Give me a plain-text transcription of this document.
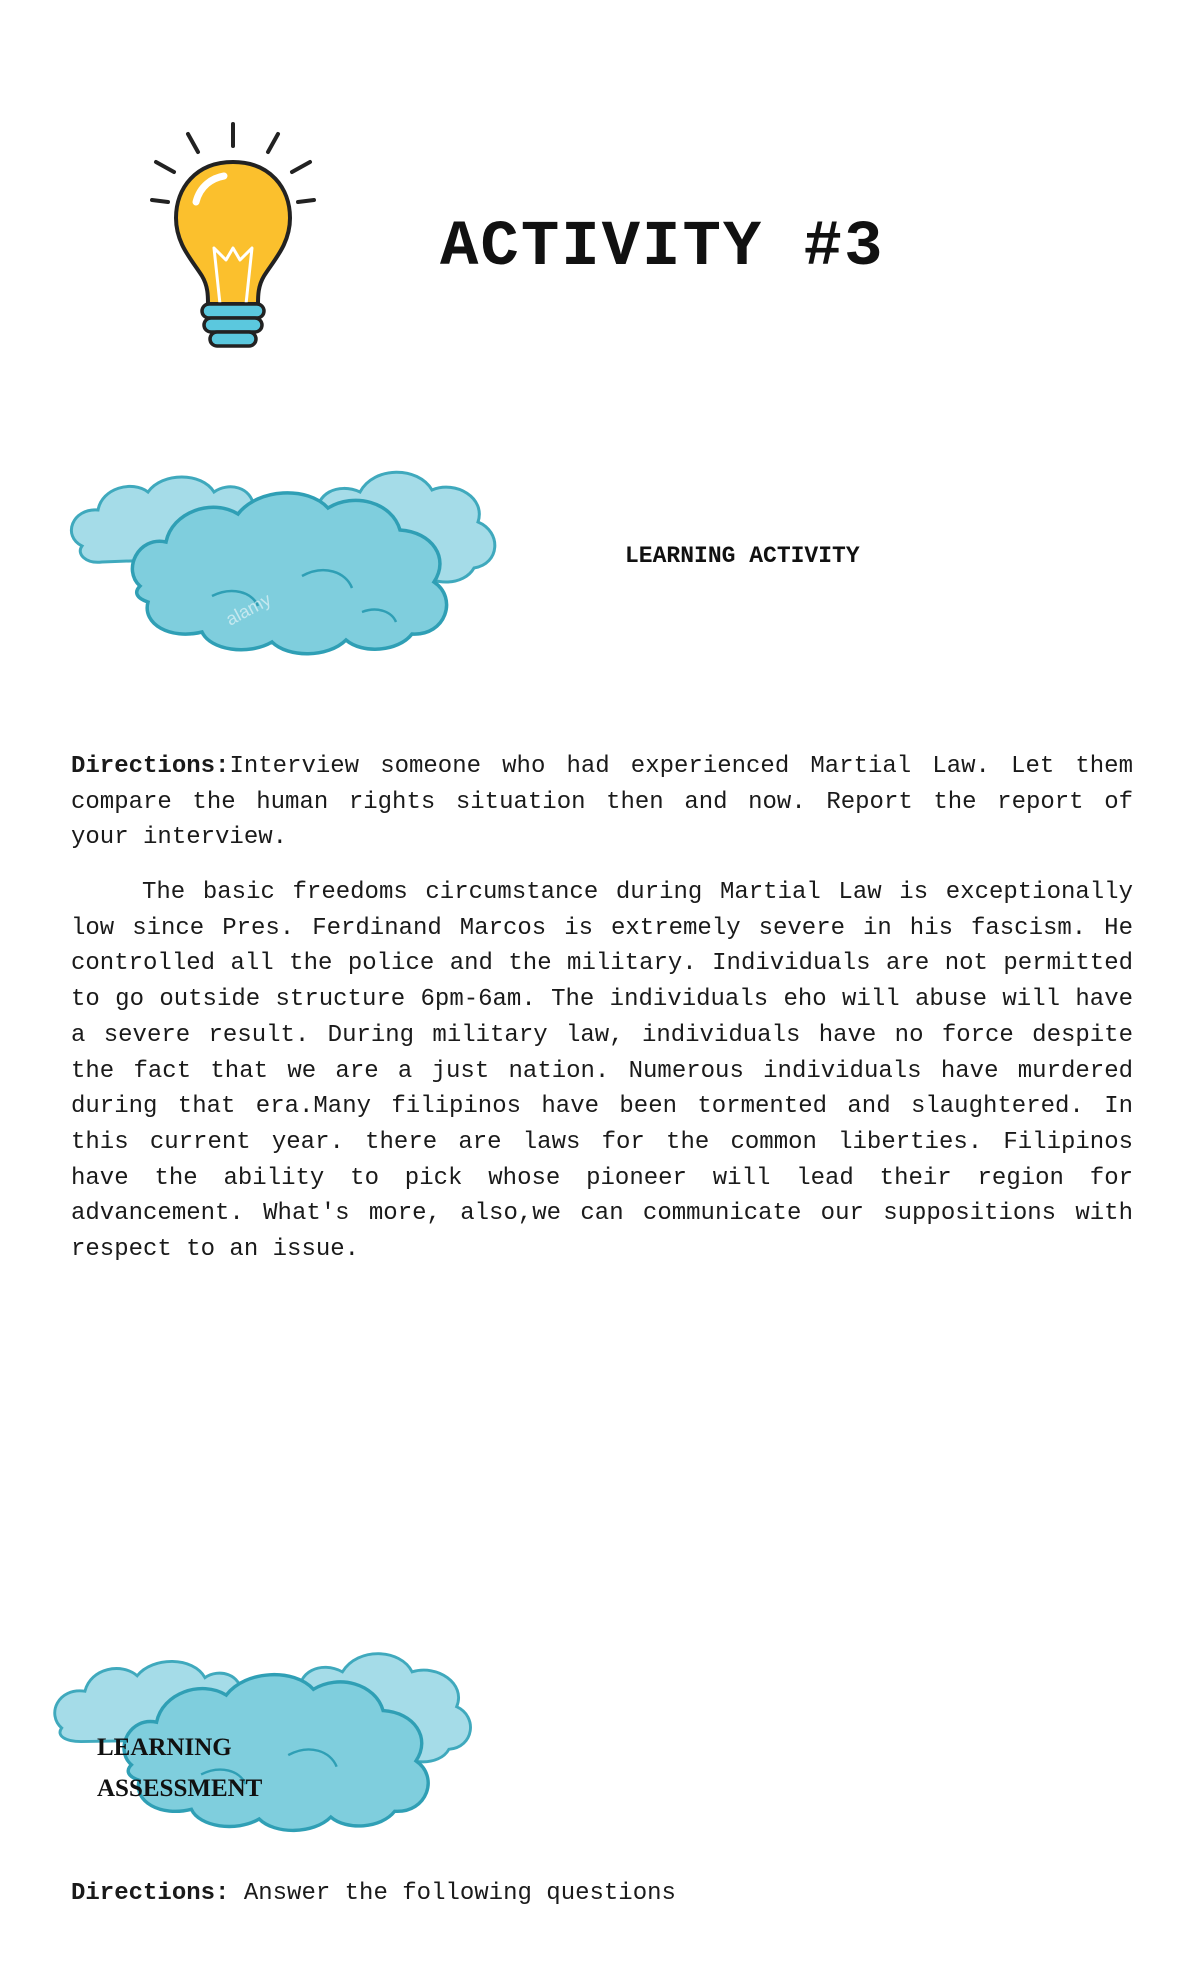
ACTIVITY #3
alamy
LEARNING ACTIVITY

Directions:Interview someone who had experienced Martial Law. Let them compare the human rights situation then and now. Report the report of your interview.

The basic freedoms circumstance during Martial Law is exceptionally low since Pres. Ferdinand Marcos is extremely severe in his fascism. He controlled all the police and the military. Individuals are not permitted to go outside structure 6pm-6am. The individuals eho will abuse will have a severe result. During military law, individuals have no force despite the fact that we are a just nation. Numerous individuals have murdered during that era.Many filipinos have been tormented and slaughtered. In this current year. there are laws for the common liberties. Filipinos have the ability to pick whose pioneer will lead their region for advancement. What's more, also,we can communicate our suppositions with respect to an issue.

LEARNING
ASSESSMENT

Directions: Answer the following questions
